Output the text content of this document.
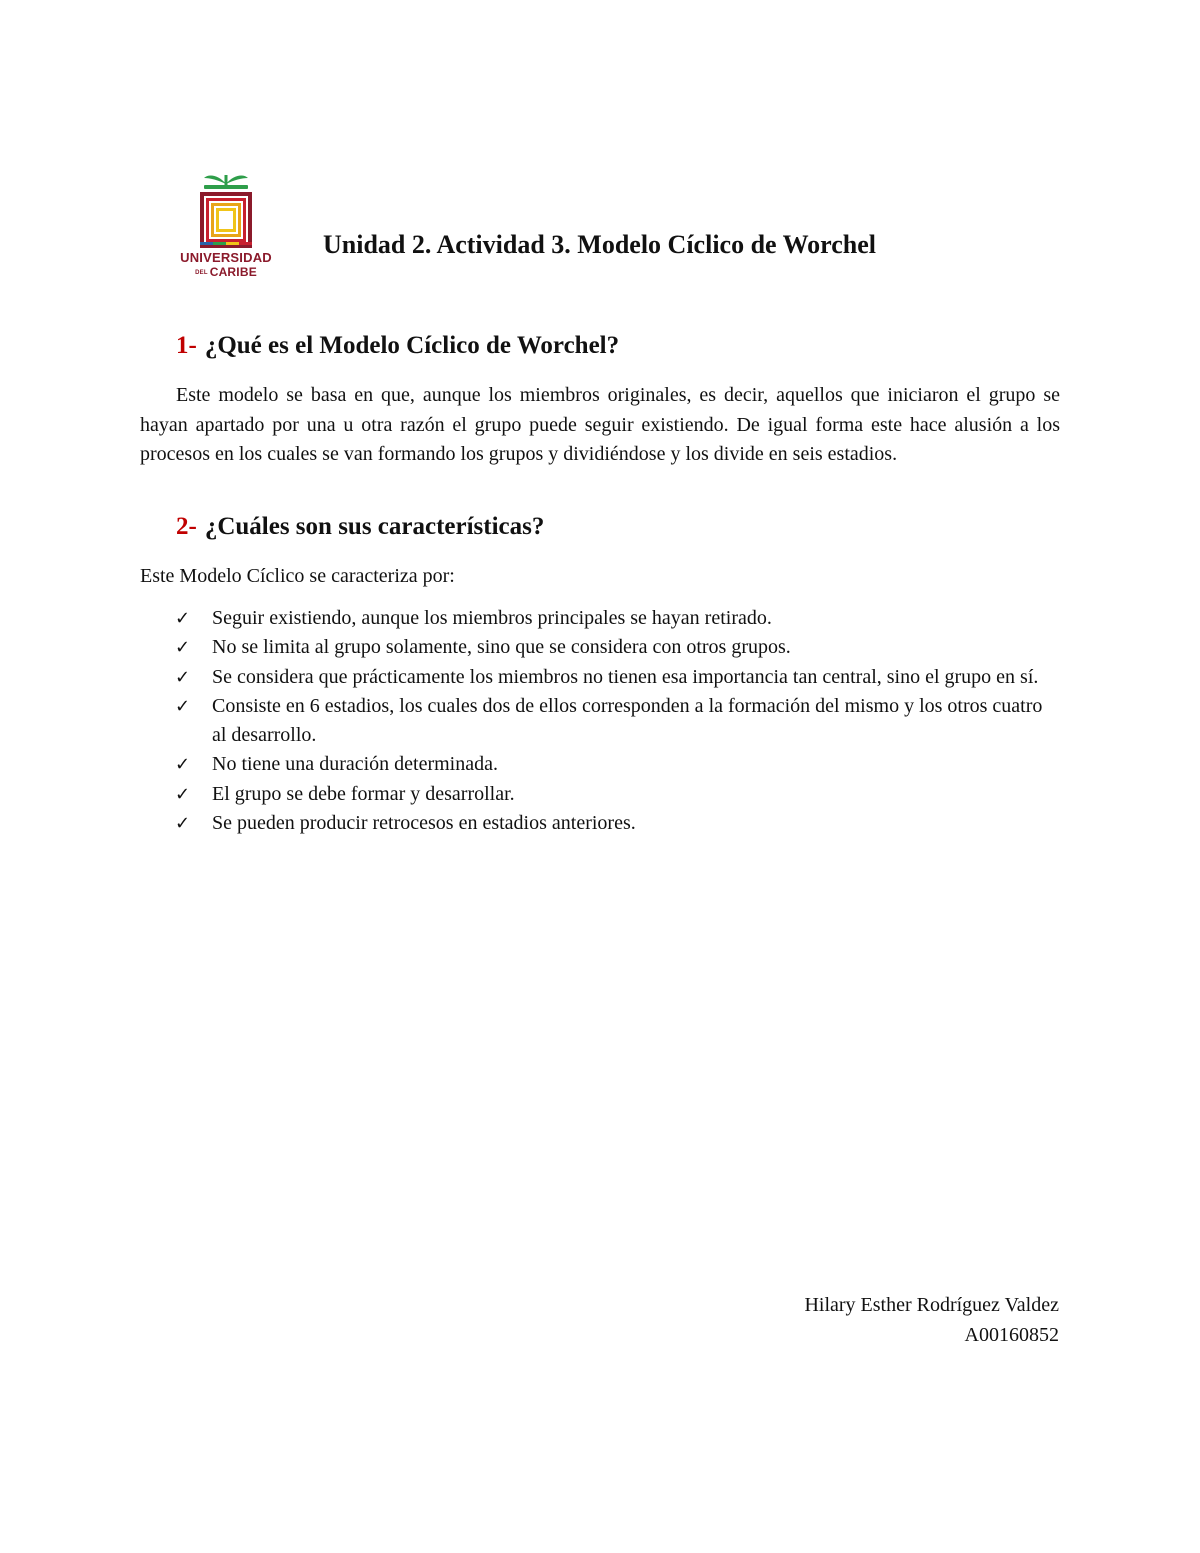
UNIVERSIDAD
DEL CARIBE
Unidad 2. Actividad 3. Modelo Cíclico de Worchel
1- ¿Qué es el Modelo Cíclico de Worchel?

Este modelo se basa en que, aunque los miembros originales, es decir, aquellos que iniciaron el grupo se hayan apartado por una u otra razón el grupo puede seguir existiendo. De igual forma este hace alusión a los procesos en los cuales se van formando los grupos y dividiéndose y los divide en seis estadios.

2- ¿Cuáles son sus características?

Este Modelo Cíclico se caracteriza por:

✓ Seguir existiendo, aunque los miembros principales se hayan retirado.
✓ No se limita al grupo solamente, sino que se considera con otros grupos.
✓ Se considera que prácticamente los miembros no tienen esa importancia tan central, sino el grupo en sí.
✓ Consiste en 6 estadios, los cuales dos de ellos corresponden a la formación del mismo y los otros cuatro al desarrollo.
✓ No tiene una duración determinada.
✓ El grupo se debe formar y desarrollar.
✓ Se pueden producir retrocesos en estadios anteriores.
Hilary Esther Rodríguez Valdez
A00160852
